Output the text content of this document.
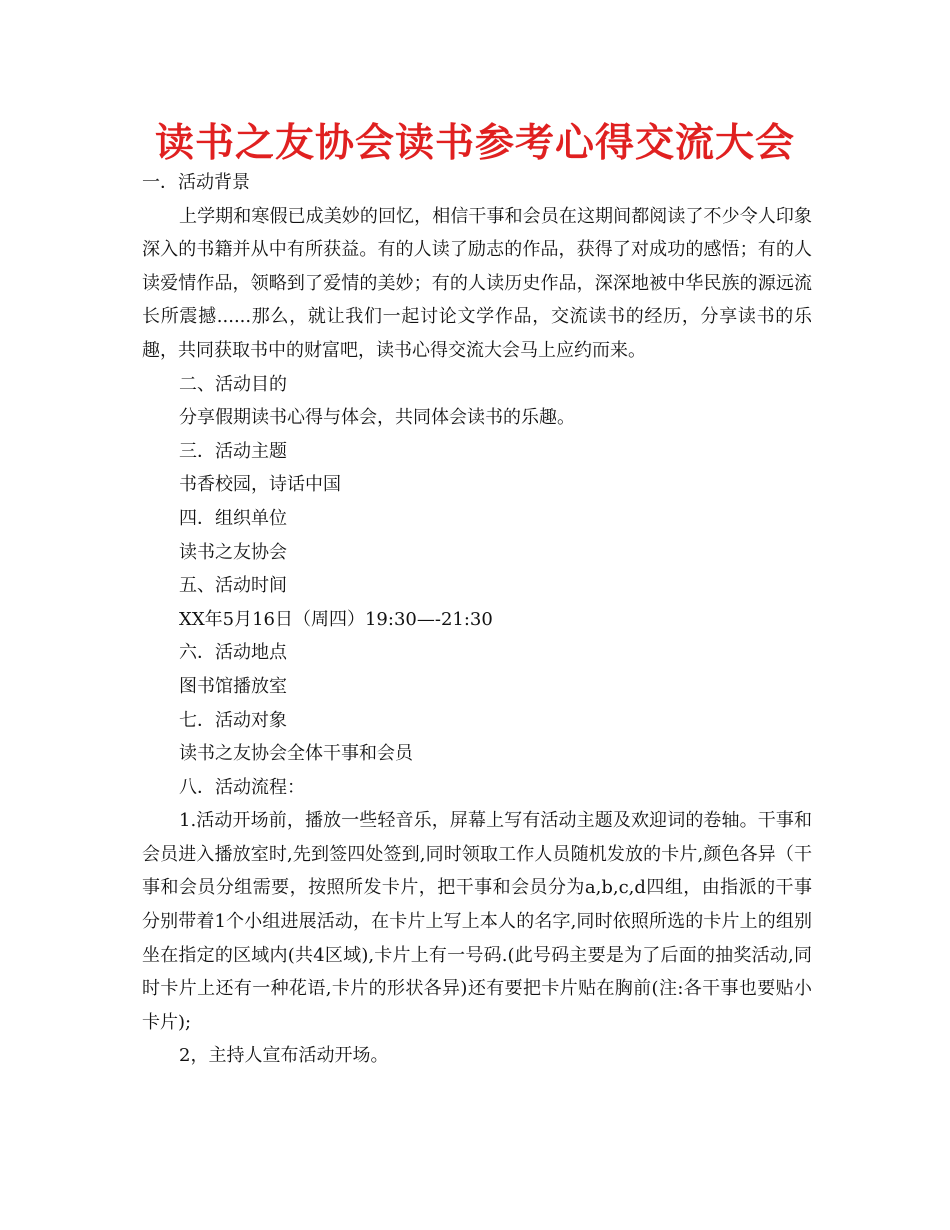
读书之友协会读书参考心得交流大会

一．活动背景

上学期和寒假已成美妙的回忆，相信干事和会员在这期间都阅读了不少令人印象深入的书籍并从中有所获益。有的人读了励志的作品，获得了对成功的感悟；有的人读爱情作品，领略到了爱情的美妙；有的人读历史作品，深深地被中华民族的源远流长所震撼......那么，就让我们一起讨论文学作品，交流读书的经历，分享读书的乐趣，共同获取书中的财富吧，读书心得交流大会马上应约而来。

二、活动目的

分享假期读书心得与体会，共同体会读书的乐趣。

三．活动主题

书香校园，诗话中国

四．组织单位

读书之友协会

五、活动时间

XX年5月16日（周四）19:30—-21:30

六．活动地点

图书馆播放室

七．活动对象

读书之友协会全体干事和会员

八．活动流程：

1.活动开场前，播放一些轻音乐，屏幕上写有活动主题及欢迎词的卷轴。干事和会员进入播放室时,先到签四处签到,同时领取工作人员随机发放的卡片,颜色各异（干事和会员分组需要，按照所发卡片，把干事和会员分为a,b,c,d四组，由指派的干事分别带着1个小组进展活动，在卡片上写上本人的名字,同时依照所选的卡片上的组别坐在指定的区域内(共4区域),卡片上有一号码.(此号码主要是为了后面的抽奖活动,同时卡片上还有一种花语,卡片的形状各异)还有要把卡片贴在胸前(注:各干事也要贴小卡片);

2，主持人宣布活动开场。
